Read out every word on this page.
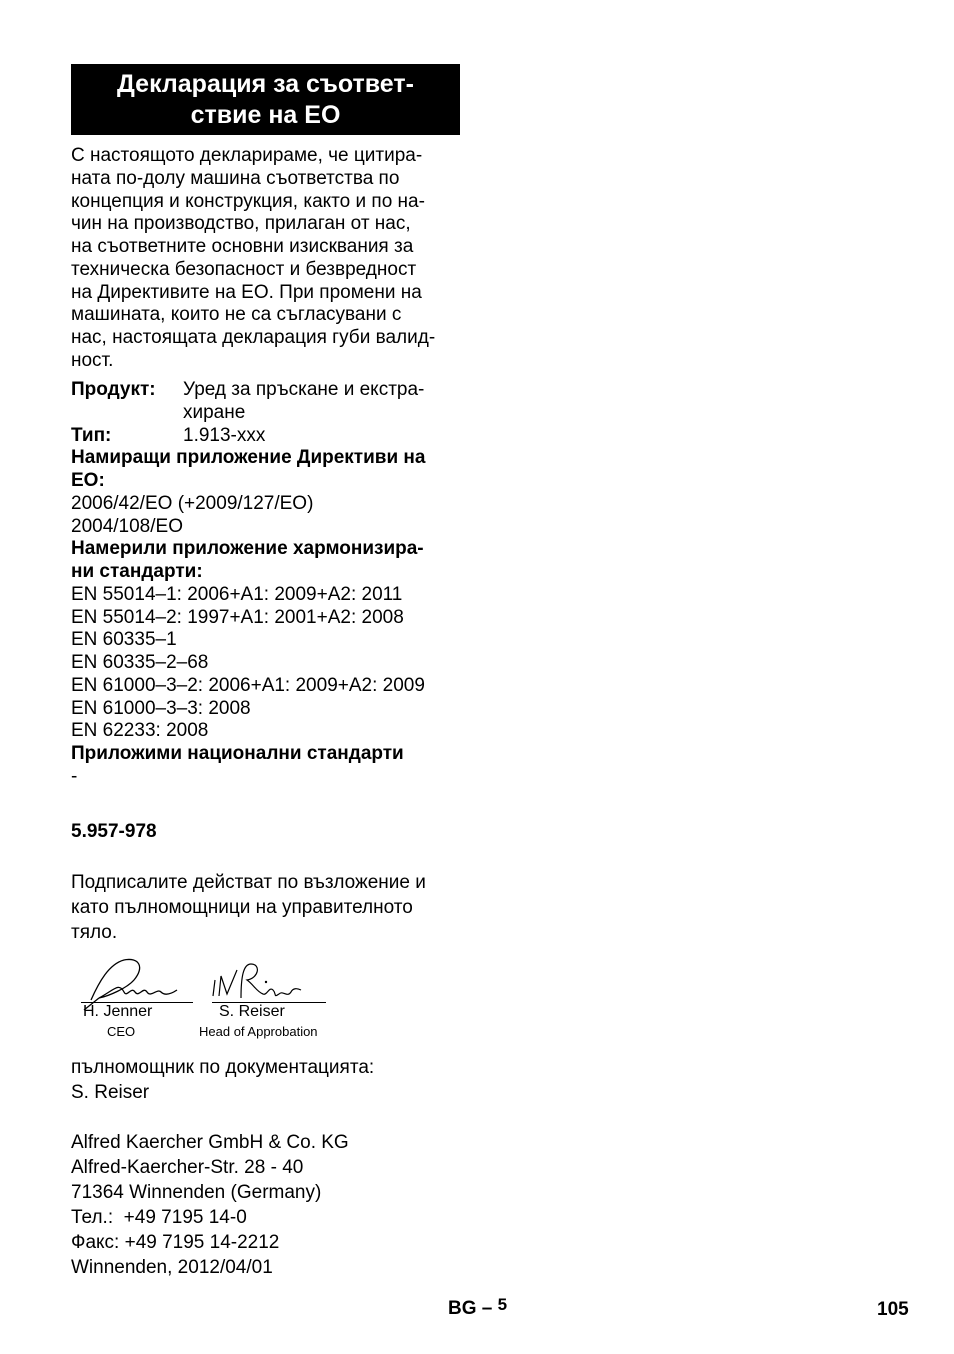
Декларация за съответ-
ствие на ЕО
С настоящото декларираме, че цитира-
ната по-долу машина съответства по
концепция и конструкция, както и по на-
чин на производство, прилаган от нас,
на съответните основни изисквания за
техническа безопасност и безвредност
на Директивите на ЕО. При промени на
машината, които не са съгласувани с
нас, настоящата декларация губи валид-
ност.
Продукт:	Уред за пръскане и екстра-
хиране
Тип:	1.913-xxx
Намиращи приложение Директиви на
ЕО:
2006/42/ЕО (+2009/127/ЕО)
2004/108/ЕО
Намерили приложение хармонизира-
ни стандарти:
EN 55014–1: 2006+A1: 2009+A2: 2011
EN 55014–2: 1997+A1: 2001+A2: 2008
EN 60335–1
EN 60335–2–68
EN 61000–3–2: 2006+A1: 2009+A2: 2009
EN 61000–3–3: 2008
EN 62233: 2008
Приложими национални стандарти
-
5.957-978
Подписалите действат по възложение и
като пълномощници на управителното
тяло.
H. Jenner
CEO
S. Reiser
Head of Approbation
пълномощник по документацията:
S. Reiser
Alfred Kaercher GmbH & Co. KG
Alfred-Kaercher-Str. 28 - 40
71364 Winnenden (Germany)
Тел.:  +49 7195 14-0
Факс: +49 7195 14-2212
Winnenden, 2012/04/01
BG – 5	105
